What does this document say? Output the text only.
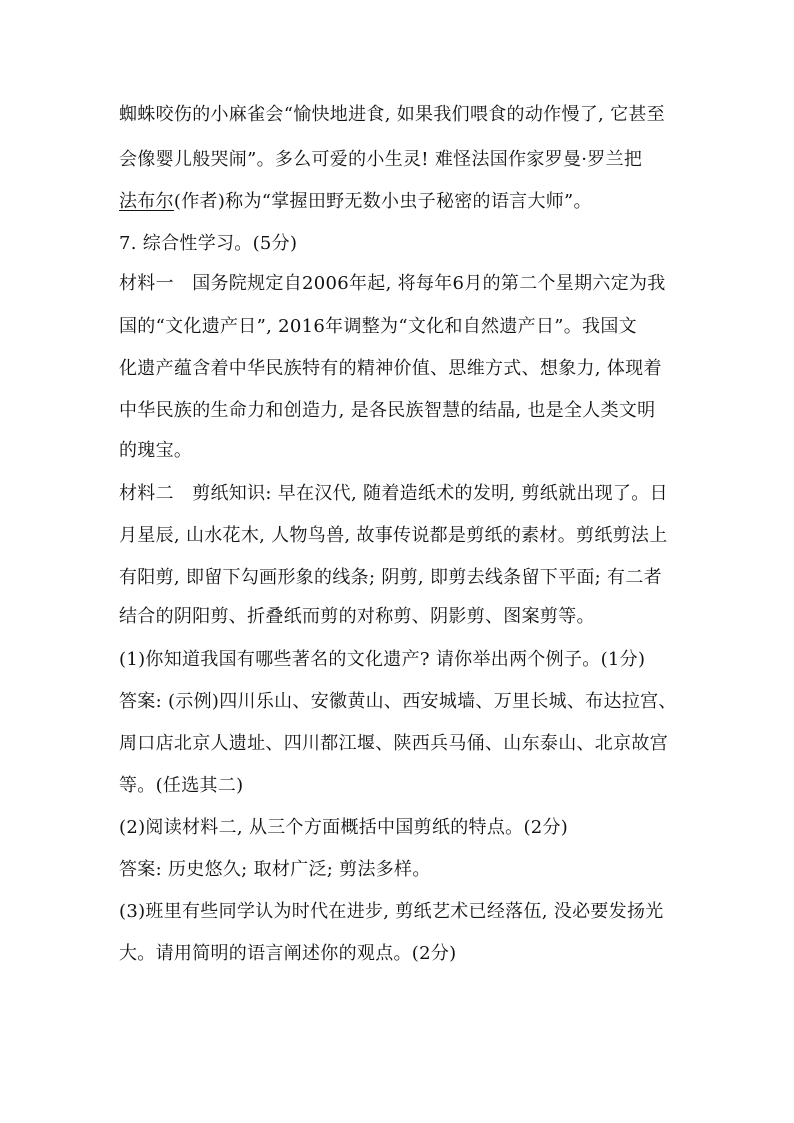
蜘蛛咬伤的小麻雀会“愉快地进食, 如果我们喂食的动作慢了, 它甚至
会像婴儿般哭闹”。多么可爱的小生灵! 难怪法国作家罗曼·罗兰把
法布尔(作者)称为“掌握田野无数小虫子秘密的语言大师”。
7. 综合性学习。(5分)
材料一　国务院规定自2006年起, 将每年6月的第二个星期六定为我
国的“文化遗产日”, 2016年调整为“文化和自然遗产日”。我国文
化遗产蕴含着中华民族特有的精神价值、思维方式、想象力, 体现着
中华民族的生命力和创造力, 是各民族智慧的结晶, 也是全人类文明
的瑰宝。
材料二　剪纸知识: 早在汉代, 随着造纸术的发明, 剪纸就出现了。日
月星辰, 山水花木, 人物鸟兽, 故事传说都是剪纸的素材。剪纸剪法上
有阳剪, 即留下勾画形象的线条; 阴剪, 即剪去线条留下平面; 有二者
结合的阴阳剪、折叠纸而剪的对称剪、阴影剪、图案剪等。
(1)你知道我国有哪些著名的文化遗产? 请你举出两个例子。(1分)
答案: (示例)四川乐山、安徽黄山、西安城墙、万里长城、布达拉宫、
周口店北京人遗址、四川都江堰、陕西兵马俑、山东泰山、北京故宫
等。(任选其二)
(2)阅读材料二, 从三个方面概括中国剪纸的特点。(2分)
答案: 历史悠久; 取材广泛; 剪法多样。
(3)班里有些同学认为时代在进步, 剪纸艺术已经落伍, 没必要发扬光
大。请用简明的语言阐述你的观点。(2分)
